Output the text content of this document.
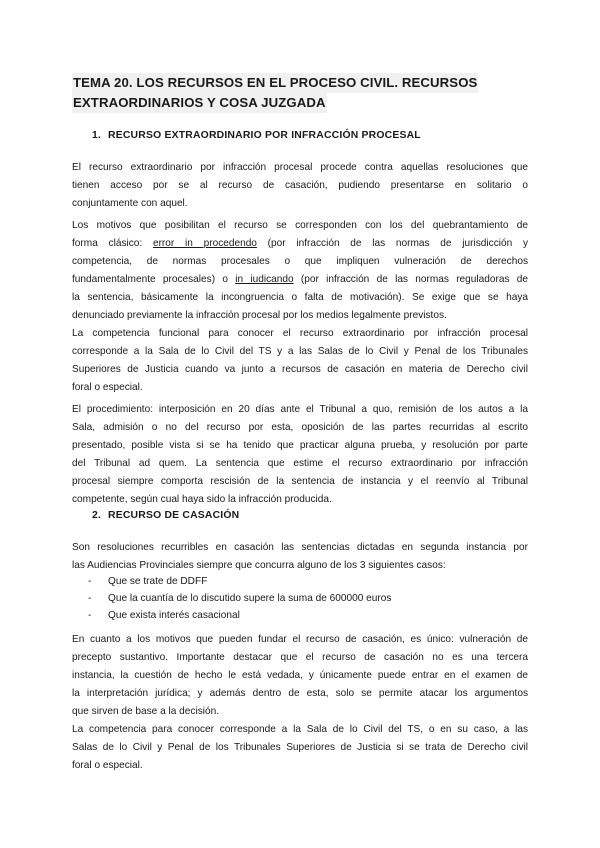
TEMA 20. LOS RECURSOS EN EL PROCESO CIVIL. RECURSOS
EXTRAORDINARIOS Y COSA JUZGADA
1. RECURSO EXTRAORDINARIO POR INFRACCIÓN PROCESAL
El recurso extraordinario por infracción procesal procede contra aquellas resoluciones que
tienen acceso por se al recurso de casación, pudiendo presentarse en solitario o
conjuntamente con aquel.
Los motivos que posibilitan el recurso se corresponden con los del quebrantamiento de
forma clásico: error in procedendo (por infracción de las normas de jurisdicción y
competencia, de normas procesales o que impliquen vulneración de derechos
fundamentalmente procesales) o in iudicando (por infracción de las normas reguladoras de
la sentencia, básicamente la incongruencia o falta de motivación). Se exige que se haya
denunciado previamente la infracción procesal por los medios legalmente previstos.
La competencia funcional para conocer el recurso extraordinario por infracción procesal
corresponde a la Sala de lo Civil del TS y a las Salas de lo Civil y Penal de los Tribunales
Superiores de Justicia cuando va junto a recursos de casación en materia de Derecho civil
foral o especial.
El procedimiento: interposición en 20 días ante el Tribunal a quo, remisión de los autos a la
Sala, admisión o no del recurso por esta, oposición de las partes recurridas al escrito
presentado, posible vista si se ha tenido que practicar alguna prueba, y resolución por parte
del Tribunal ad quem. La sentencia que estime el recurso extraordinario por infracción
procesal siempre comporta rescisión de la sentencia de instancia y el reenvío al Tribunal
competente, según cual haya sido la infracción producida.
2. RECURSO DE CASACIÓN
Son resoluciones recurribles en casación las sentencias dictadas en segunda instancia por
las Audiencias Provinciales siempre que concurra alguno de los 3 siguientes casos:
- Que se trate de DDFF
- Que la cuantía de lo discutido supere la suma de 600000 euros
- Que exista interés casacional
En cuanto a los motivos que pueden fundar el recurso de casación, es único: vulneración de
precepto sustantivo. Importante destacar que el recurso de casación no es una tercera
instancia, la cuestión de hecho le está vedada, y únicamente puede entrar en el examen de
la interpretación jurídica; y además dentro de esta, solo se permite atacar los argumentos
que sirven de base a la decisión.
La competencia para conocer corresponde a la Sala de lo Civil del TS, o en su caso, a las
Salas de lo Civil y Penal de los Tribunales Superiores de Justicia si se trata de Derecho civil
foral o especial.
